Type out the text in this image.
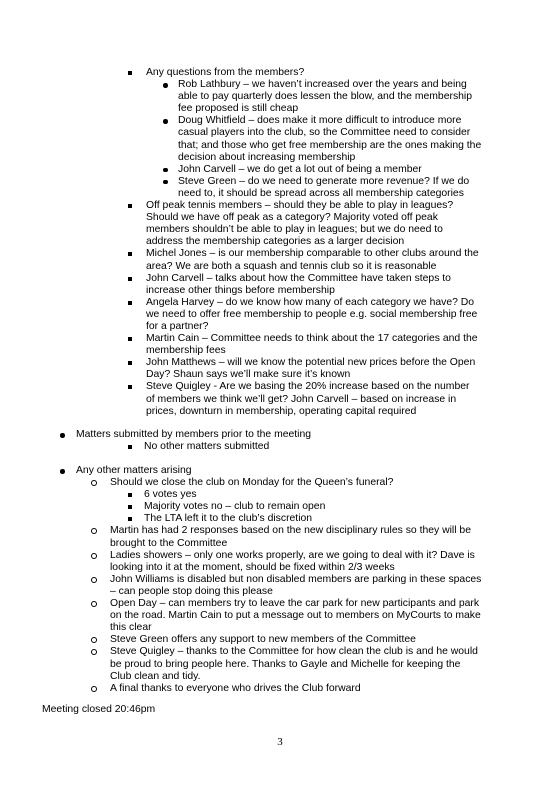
Any questions from the members?
Rob Lathbury – we haven’t increased over the years and being able to pay quarterly does lessen the blow, and the membership fee proposed is still cheap
Doug Whitfield – does make it more difficult to introduce more casual players into the club, so the Committee need to consider that; and those who get free membership are the ones making the decision about increasing membership
John Carvell – we do get a lot out of being a member
Steve Green – do we need to generate more revenue? If we do need to, it should be spread across all membership categories
Off peak tennis members – should they be able to play in leagues? Should we have off peak as a category? Majority voted off peak members shouldn’t be able to play in leagues; but we do need to address the membership categories as a larger decision
Michel Jones – is our membership comparable to other clubs around the area? We are both a squash and tennis club so it is reasonable
John Carvell – talks about how the Committee have taken steps to increase other things before membership
Angela Harvey – do we know how many of each category we have? Do we need to offer free membership to people e.g. social membership free for a partner?
Martin Cain – Committee needs to think about the 17 categories and the membership fees
John Matthews – will we know the potential new prices before the Open Day? Shaun says we’ll make sure it’s known
Steve Quigley - Are we basing the 20% increase based on the number of members we think we’ll get? John Carvell – based on increase in prices, downturn in membership, operating capital required
Matters submitted by members prior to the meeting
No other matters submitted
Any other matters arising
Should we close the club on Monday for the Queen’s funeral?
6 votes yes
Majority votes no – club to remain open
The LTA left it to the club’s discretion
Martin has had 2 responses based on the new disciplinary rules so they will be brought to the Committee
Ladies showers – only one works properly, are we going to deal with it? Dave is looking into it at the moment, should be fixed within 2/3 weeks
John Williams is disabled but non disabled members are parking in these spaces – can people stop doing this please
Open Day – can members try to leave the car park for new participants and park on the road. Martin Cain to put a message out to members on MyCourts to make this clear
Steve Green offers any support to new members of the Committee
Steve Quigley – thanks to the Committee for how clean the club is and he would be proud to bring people here. Thanks to Gayle and Michelle for keeping the Club clean and tidy.
A final thanks to everyone who drives the Club forward
Meeting closed 20:46pm
3
